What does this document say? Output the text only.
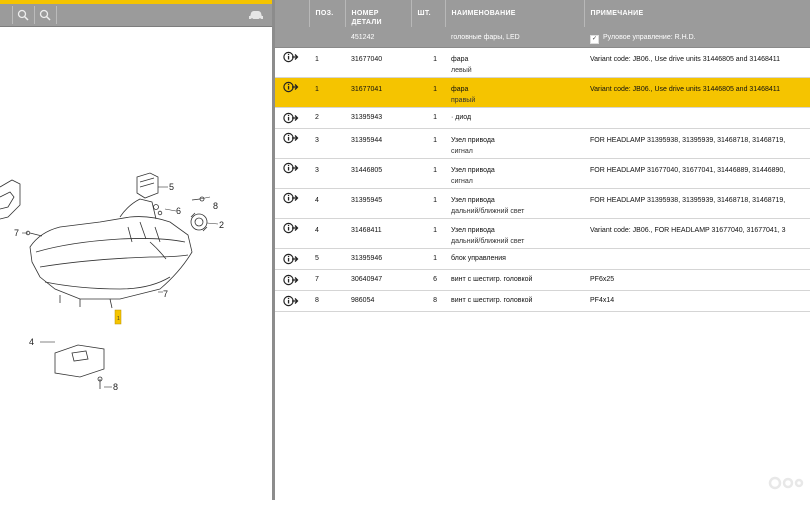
1
5
8
6
2
7
7
4
8
	ПОЗ.	НОМЕР ДЕТАЛИ	ШТ.	НАИМЕНОВАНИЕ	ПРИМЕЧАНИЕ
		451242		головные фары, LED	✓ Руловое управление: R.H.D.
	1	31677040	1	фара
левый	Variant code: JB06., Use drive units 31446805 and 31468411
	1	31677041	1	фара
правый	Variant code: JB06., Use drive units 31446805 and 31468411
	2	31395943	1	· диод	

	3	31395944	1	Узел привода
сигнал	FOR HEADLAMP 31395938, 31395939, 31468718, 31468719,
	3	31446805	1	Узел привода
сигнал	FOR HEADLAMP 31677040, 31677041, 31446889, 31446890,
	4	31395945	1	Узел привода
дальний/ближний свет	FOR HEADLAMP 31395938, 31395939, 31468718, 31468719,
	4	31468411	1	Узел привода
дальний/ближний свет	Variant code: JB06., FOR HEADLAMP 31677040, 31677041, 3
	5	31395946	1	блок управления	

	7	30640947	6	винт с шестигр. головкой	PF6x25
	8	986054	8	винт с шестигр. головкой	PF4x14
